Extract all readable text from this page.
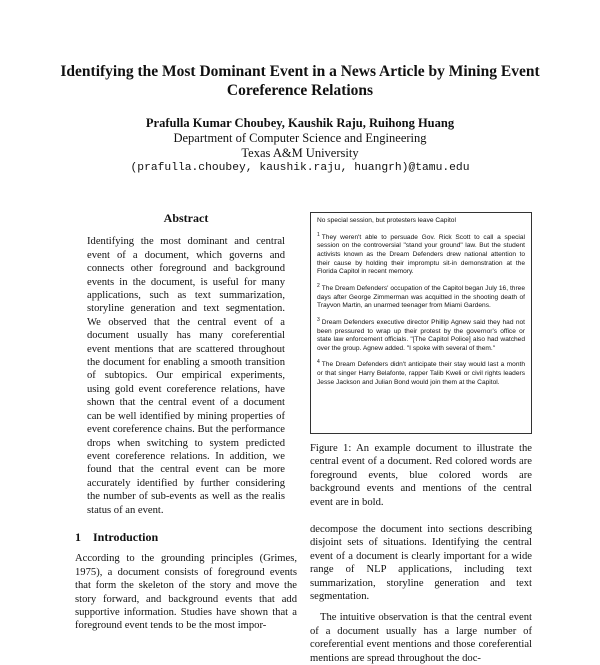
Identifying the Most Dominant Event in a News Article by Mining Event Coreference Relations
Prafulla Kumar Choubey, Kaushik Raju, Ruihong Huang
Department of Computer Science and Engineering
Texas A&M University
(prafulla.choubey, kaushik.raju, huangrh)@tamu.edu
Abstract
Identifying the most dominant and central event of a document, which governs and connects other foreground and background events in the document, is useful for many applications, such as text summarization, storyline generation and text segmentation. We observed that the central event of a document usually has many coreferential event mentions that are scattered throughout the document for enabling a smooth transition of subtopics. Our empirical experiments, using gold event coreference relations, have shown that the central event of a document can be well identified by mining properties of event coreference chains. But the performance drops when switching to system predicted event coreference relations. In addition, we found that the central event can be more accurately identified by further considering the number of sub-events as well as the realis status of an event.
1 Introduction

According to the grounding principles (Grimes, 1975), a document consists of foreground events that form the skeleton of the story and move the story forward, and background events that add supportive information. Studies have shown that a foreground event tends to be the most impor-

No special session, but protesters leave Capitol

$^1$ They weren't able to persuade Gov. Rick Scott to call a special session on the controversial "stand your ground" law. But the student activists known as the Dream Defenders drew national attention to their cause by holding their impromptu sit-in demonstration at the Florida Capitol in recent memory.

$^2$ The Dream Defenders' occupation of the Capitol began July 16, three days after George Zimmerman was acquitted in the shooting death of Trayvon Martin, an unarmed teenager from Miami Gardens.

$^3$ Dream Defenders executive director Phillip Agnew said they had not been pressured to wrap up their protest by the governor's office or state law enforcement officials. "[The Capitol Police] also had watched over the group. Agnew added. "I spoke with several of them."

$^4$ The Dream Defenders didn't anticipate their stay would last a month or that singer Harry Belafonte, rapper Talib Kweli or civil rights leaders Jesse Jackson and Julian Bond would join them at the Capitol.

Figure 1: An example document to illustrate the central event of a document. Red colored words are foreground events, blue colored words are background events and mentions of the central event are in bold.

decompose the document into sections describing disjoint sets of situations. Identifying the central event of a document is clearly important for a wide range of NLP applications, including text summarization, storyline generation and text segmentation.

The intuitive observation is that the central event of a document usually has a large number of coreferential event mentions and those coreferential mentions are spread throughout the doc-
